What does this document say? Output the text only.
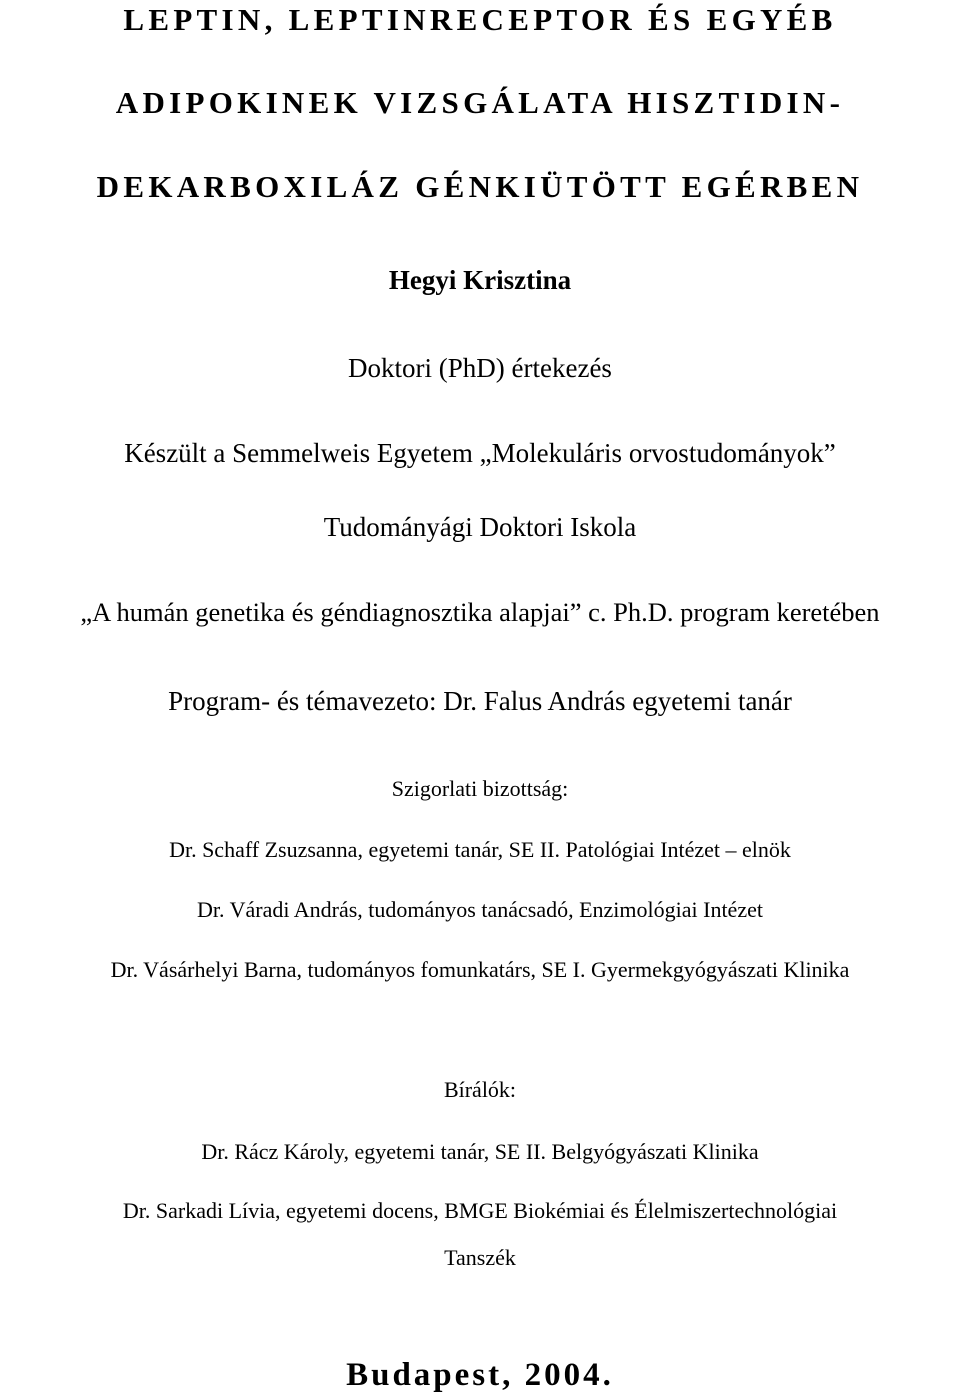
LEPTIN, LEPTINRECEPTOR ÉS EGYÉB
ADIPOKINEK VIZSGÁLATA HISZTIDIN-
DEKARBOXILÁZ GÉNKIÜTÖTT EGÉRBEN
Hegyi Krisztina
Doktori (PhD) értekezés
Készült a Semmelweis Egyetem „Molekuláris orvostudományok”
Tudományági Doktori Iskola
„A humán genetika és géndiagnosztika alapjai” c. Ph.D. program keretében
Program- és témavezeto: Dr. Falus András egyetemi tanár
Szigorlati bizottság:
Dr. Schaff Zsuzsanna, egyetemi tanár, SE II. Patológiai Intézet – elnök
Dr. Váradi András, tudományos tanácsadó, Enzimológiai Intézet
Dr. Vásárhelyi Barna, tudományos fomunkatárs, SE I. Gyermekgyógyászati Klinika
Bírálók:
Dr. Rácz Károly, egyetemi tanár, SE II. Belgyógyászati Klinika
Dr. Sarkadi Lívia, egyetemi docens, BMGE Biokémiai és Élelmiszertechnológiai
Tanszék
Budapest, 2004.
